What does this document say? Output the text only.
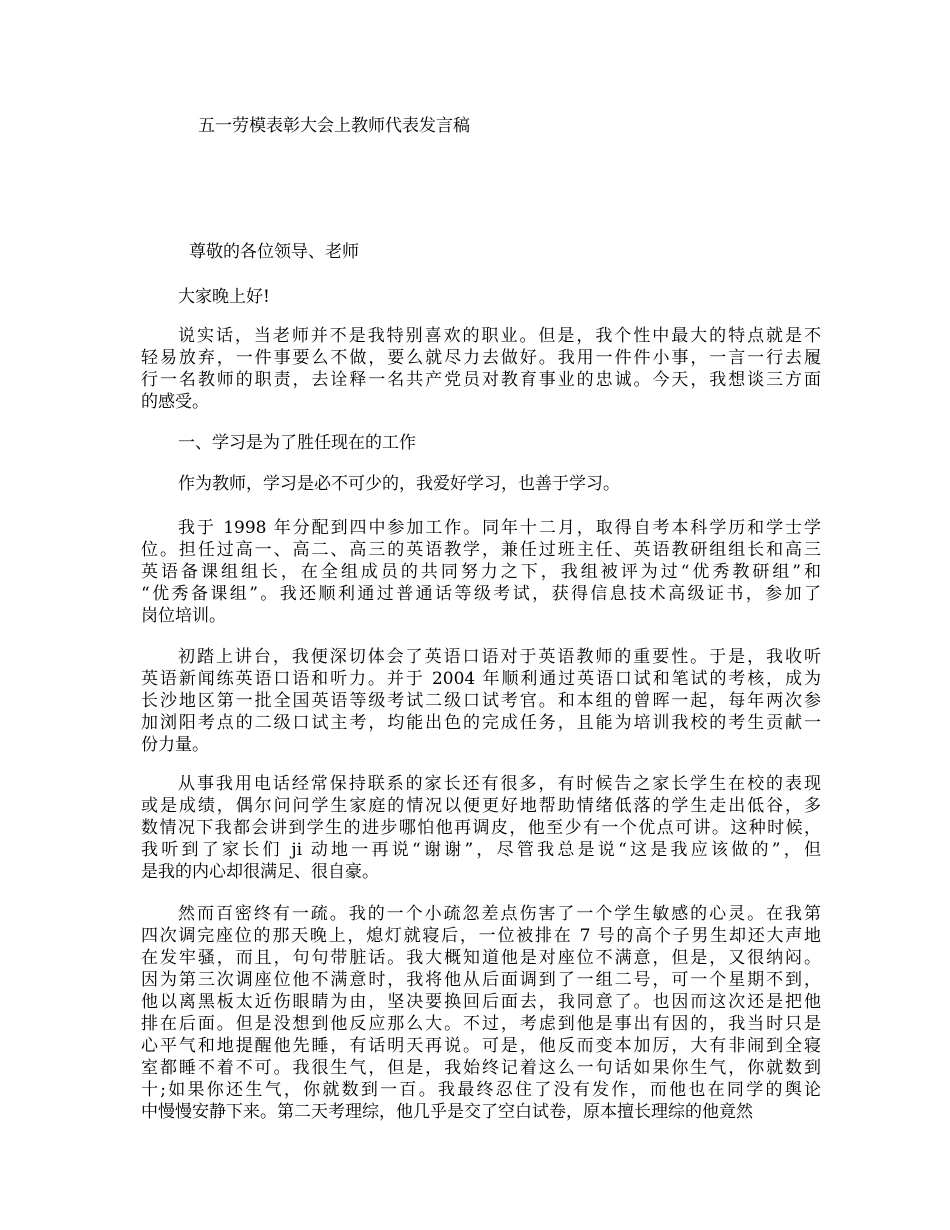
五一劳模表彰大会上教师代表发言稿
尊敬的各位领导、老师
大家晚上好!
说实话，当老师并不是我特别喜欢的职业。但是，我个性中最大的特点就是不
轻易放弃，一件事要么不做，要么就尽力去做好。我用一件件小事，一言一行去履
行一名教师的职责，去诠释一名共产党员对教育事业的忠诚。今天，我想谈三方面
的感受。
一、学习是为了胜任现在的工作
作为教师，学习是必不可少的，我爱好学习，也善于学习。
我于 1998 年分配到四中参加工作。同年十二月，取得自考本科学历和学士学
位。担任过高一、高二、高三的英语教学，兼任过班主任、英语教研组组长和高三
英语备课组组长，在全组成员的共同努力之下，我组被评为过“优秀教研组”和
“优秀备课组”。我还顺利通过普通话等级考试，获得信息技术高级证书，参加了
岗位培训。
初踏上讲台，我便深切体会了英语口语对于英语教师的重要性。于是，我收听
英语新闻练英语口语和听力。并于 2004 年顺利通过英语口试和笔试的考核，成为
长沙地区第一批全国英语等级考试二级口试考官。和本组的曾晖一起，每年两次参
加浏阳考点的二级口试主考，均能出色的完成任务，且能为培训我校的考生贡献一
份力量。
从事我用电话经常保持联系的家长还有很多，有时候告之家长学生在校的表现
或是成绩，偶尔问问学生家庭的情况以便更好地帮助情绪低落的学生走出低谷，多
数情况下我都会讲到学生的进步哪怕他再调皮，他至少有一个优点可讲。这种时候，
我听到了家长们 ji 动地一再说“谢谢”，尽管我总是说“这是我应该做的”，但
是我的内心却很满足、很自豪。
然而百密终有一疏。我的一个小疏忽差点伤害了一个学生敏感的心灵。在我第
四次调完座位的那天晚上，熄灯就寝后，一位被排在 7 号的高个子男生却还大声地
在发牢骚，而且，句句带脏话。我大概知道他是对座位不满意，但是，又很纳闷。
因为第三次调座位他不满意时，我将他从后面调到了一组二号，可一个星期不到，
他以离黑板太近伤眼睛为由，坚决要换回后面去，我同意了。也因而这次还是把他
排在后面。但是没想到他反应那么大。不过，考虑到他是事出有因的，我当时只是
心平气和地提醒他先睡，有话明天再说。可是，他反而变本加厉，大有非闹到全寝
室都睡不着不可。我很生气，但是，我始终记着这么一句话如果你生气，你就数到
十;如果你还生气，你就数到一百。我最终忍住了没有发作，而他也在同学的舆论
中慢慢安静下来。第二天考理综，他几乎是交了空白试卷，原本擅长理综的他竟然
